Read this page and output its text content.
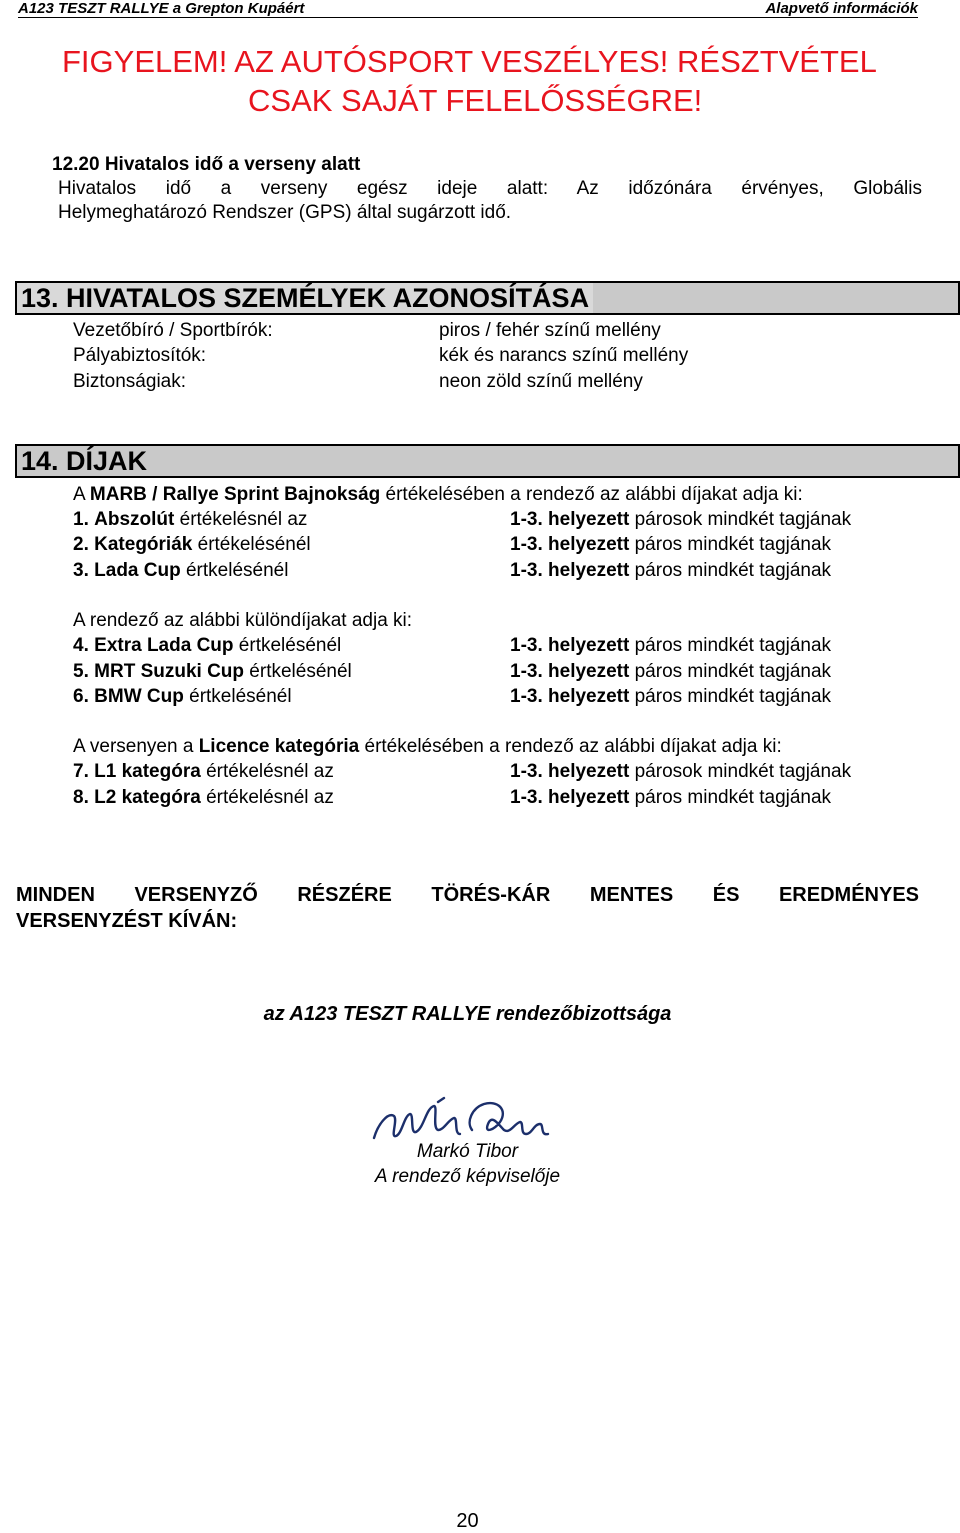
A123 TESZT RALLYE a Grepton Kupáért	Alapvető információk
FIGYELEM! AZ AUTÓSPORT VESZÉLYES! RÉSZTVÉTEL
CSAK SAJÁT FELELŐSSÉGRE!
12.20 Hivatalos idő a verseny alatt
Hivatalos idő a verseny egész ideje alatt: Az időzónára érvényes, Globális
Helymeghatározó Rendszer (GPS) által sugárzott idő.
13. HIVATALOS SZEMÉLYEK AZONOSÍTÁSA
Vezetőbíró / Sportbírók:	piros / fehér színű mellény
Pályabiztosítók:	kék és narancs színű mellény
Biztonságiak:	neon zöld színű mellény
14. DÍJAK
A MARB / Rallye Sprint Bajnokság értékelésében a rendező az alábbi díjakat adja ki:
1. Abszolút értékelésnél az	1-3. helyezett párosok mindkét tagjának
2. Kategóriák értékelésénél	1-3. helyezett páros mindkét tagjának
3. Lada Cup értkelésénél	1-3. helyezett páros mindkét tagjának
A rendező az alábbi különdíjakat adja ki:
4. Extra Lada Cup értkelésénél	1-3. helyezett páros mindkét tagjának
5. MRT Suzuki Cup értkelésénél	1-3. helyezett páros mindkét tagjának
6. BMW Cup értkelésénél	1-3. helyezett páros mindkét tagjának
A versenyen a Licence kategória értékelésében a rendező az alábbi díjakat adja ki:
7. L1 kategóra értékelésnél az	1-3. helyezett párosok mindkét tagjának
8. L2 kategóra értékelésnél az	1-3. helyezett páros mindkét tagjának
MINDEN VERSENYZŐ RÉSZÉRE TÖRÉS-KÁR MENTES ÉS EREDMÉNYES
VERSENYZÉST KÍVÁN:
az A123 TESZT RALLYE rendezőbizottsága
Markó Tibor
A rendező képviselője
20
